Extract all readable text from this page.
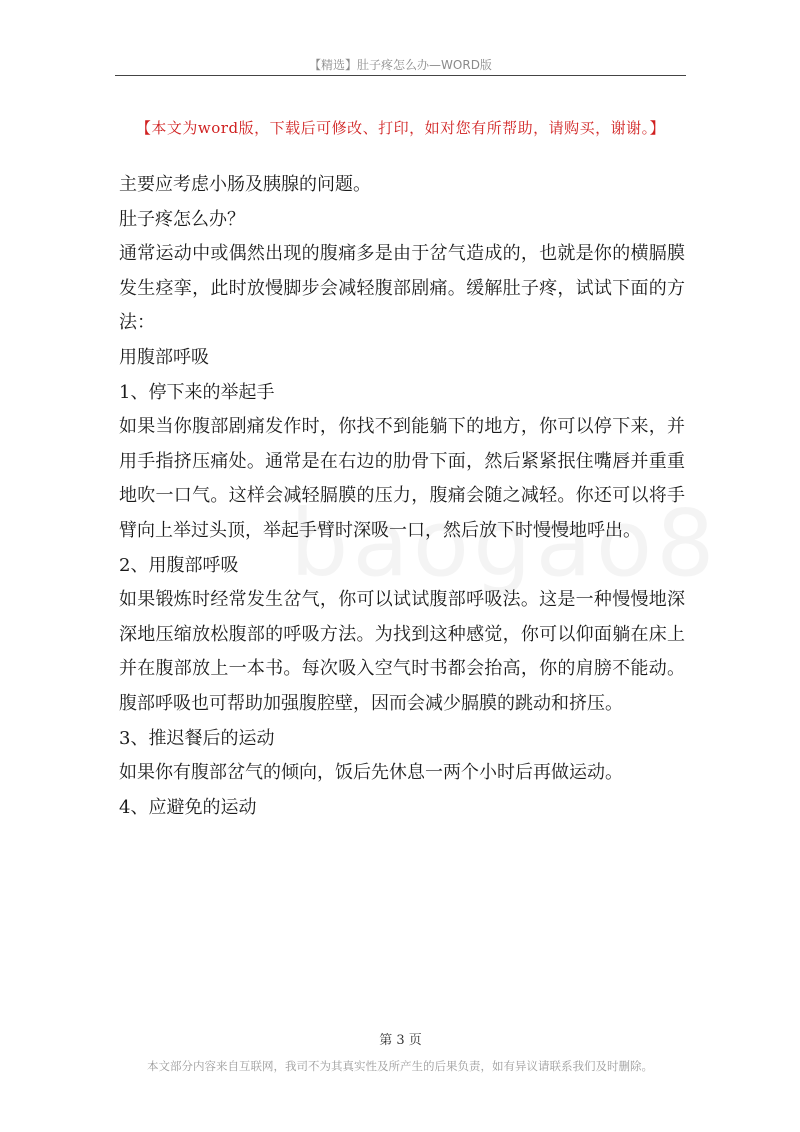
【精选】肚子疼怎么办—WORD版
【本文为word版，下载后可修改、打印，如对您有所帮助，请购买，谢谢。】

主要应考虑小肠及胰腺的问题。

肚子疼怎么办？

通常运动中或偶然出现的腹痛多是由于岔气造成的，也就是你的横膈膜发生痉挛，此时放慢脚步会减轻腹部剧痛。缓解肚子疼，试试下面的方法：

用腹部呼吸

1、停下来的举起手

如果当你腹部剧痛发作时，你找不到能躺下的地方，你可以停下来，并用手指挤压痛处。通常是在右边的肋骨下面，然后紧紧抿住嘴唇并重重地吹一口气。这样会减轻膈膜的压力，腹痛会随之减轻。你还可以将手臂向上举过头顶，举起手臂时深吸一口，然后放下时慢慢地呼出。

2、用腹部呼吸

如果锻炼时经常发生岔气，你可以试试腹部呼吸法。这是一种慢慢地深深地压缩放松腹部的呼吸方法。为找到这种感觉，你可以仰面躺在床上并在腹部放上一本书。每次吸入空气时书都会抬高，你的肩膀不能动。腹部呼吸也可帮助加强腹腔壁，因而会减少膈膜的跳动和挤压。

3、推迟餐后的运动

如果你有腹部岔气的倾向，饭后先休息一两个小时后再做运动。

4、应避免的运动

第 3 页
本文部分内容来自互联网，我司不为其真实性及所产生的后果负责，如有异议请联系我们及时删除。
